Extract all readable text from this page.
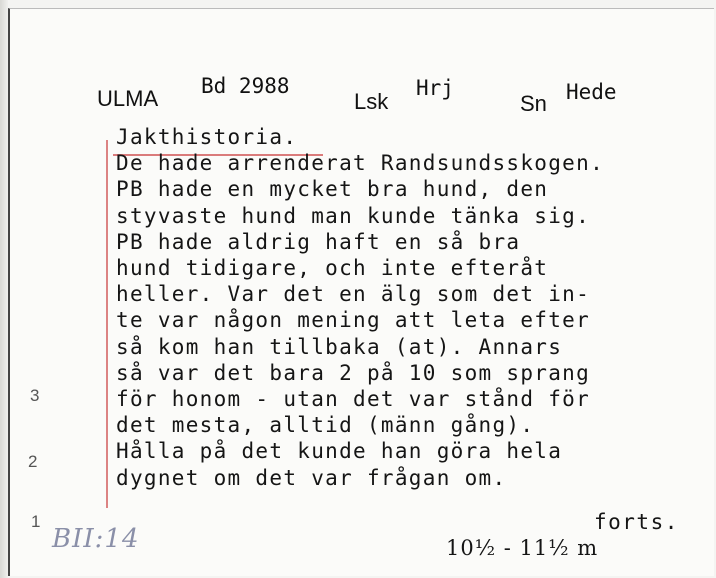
ULMA Bd 2988
Lsk
Hrj
Sn Hede
Jakthistoria.
De hade arrenderat Randsundsskogen.
PB hade en mycket bra hund, den
styvaste hund man kunde tänka sig.
PB hade aldrig haft en så bra
hund tidigare, och inte efteråt
heller. Var det en älg som det in-
te var någon mening att leta efter
så kom han tillbaka (at). Annars
så var det bara 2 på 10 som sprang
för honom - utan det var stånd för
det mesta, alltid (männ gång).
Hålla på det kunde han göra hela
dygnet om det var frågan om.
3
2
1
BII:14
forts.
10½ - 11½ m
